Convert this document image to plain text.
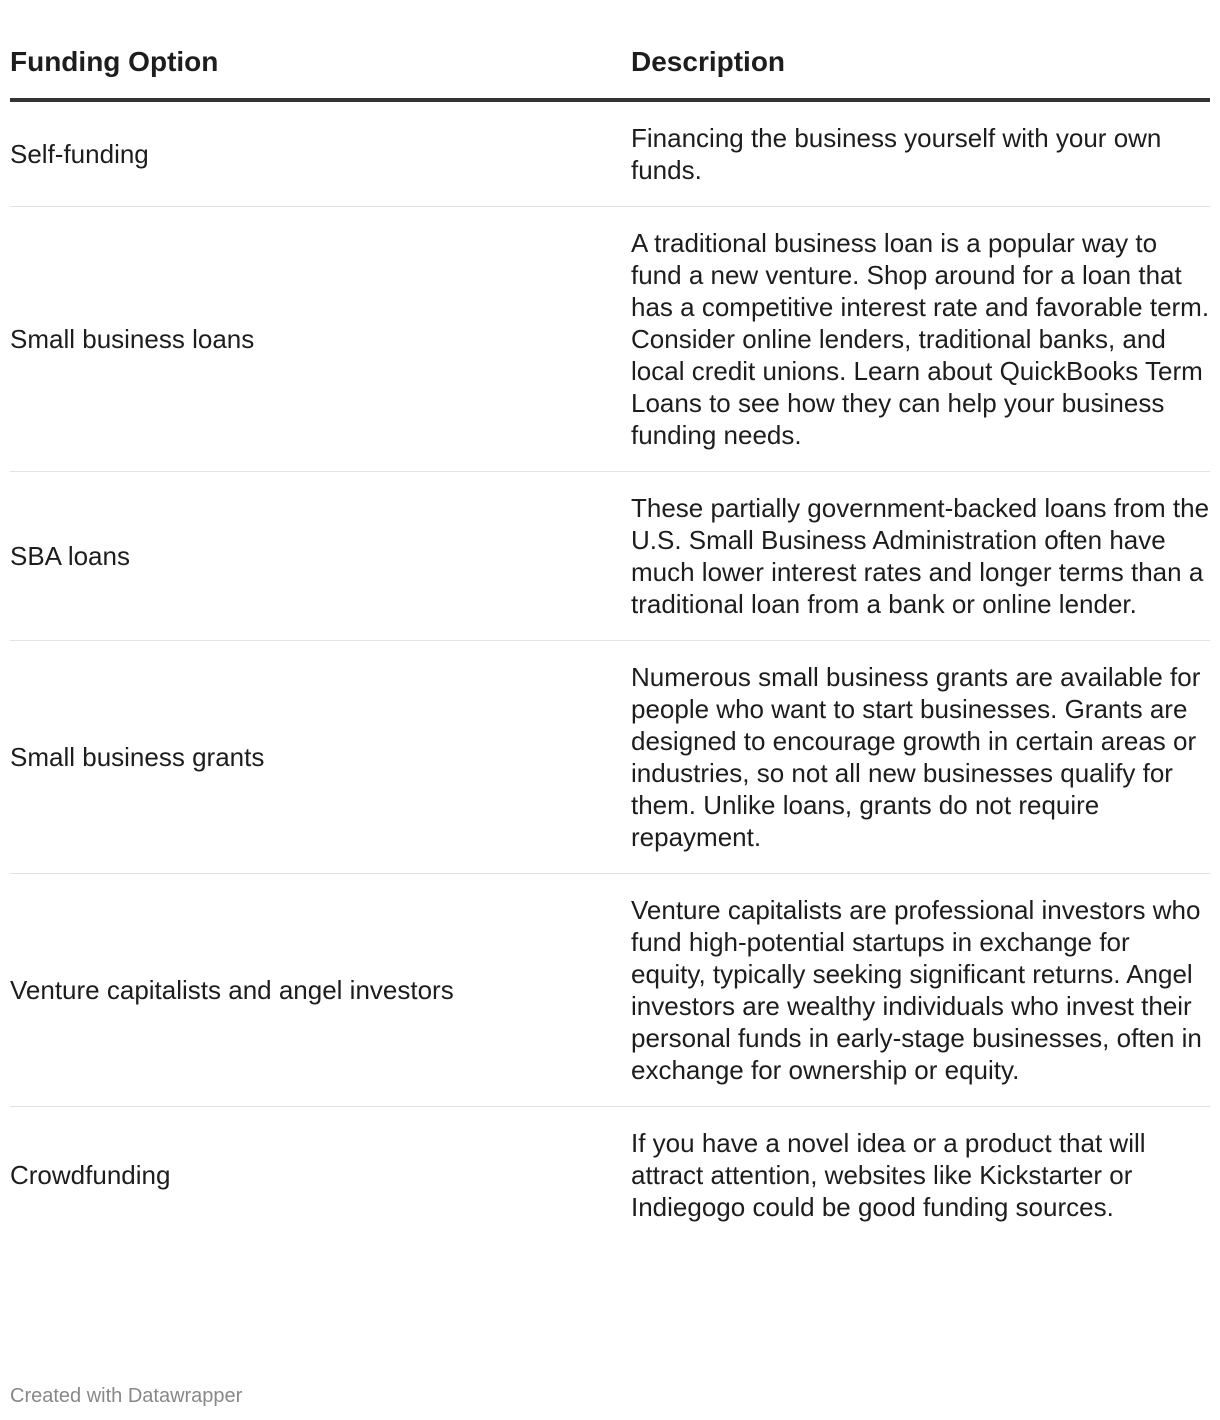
Funding Option	Description
Self-funding	Financing the business yourself with your own funds.
Small business loans	A traditional business loan is a popular way to fund a new venture. Shop around for a loan that has a competitive interest rate and favorable term. Consider online lenders, traditional banks, and local credit unions. Learn about QuickBooks Term Loans to see how they can help your business funding needs.
SBA loans	These partially government-backed loans from the U.S. Small Business Administration often have much lower interest rates and longer terms than a traditional loan from a bank or online lender.
Small business grants	Numerous small business grants are available for people who want to start businesses. Grants are designed to encourage growth in certain areas or industries, so not all new businesses qualify for them. Unlike loans, grants do not require repayment.
Venture capitalists and angel investors	Venture capitalists are professional investors who fund high-potential startups in exchange for equity, typically seeking significant returns. Angel investors are wealthy individuals who invest their personal funds in early-stage businesses, often in exchange for ownership or equity.
Crowdfunding	If you have a novel idea or a product that will attract attention, websites like Kickstarter or Indiegogo could be good funding sources.
Created with Datawrapper
